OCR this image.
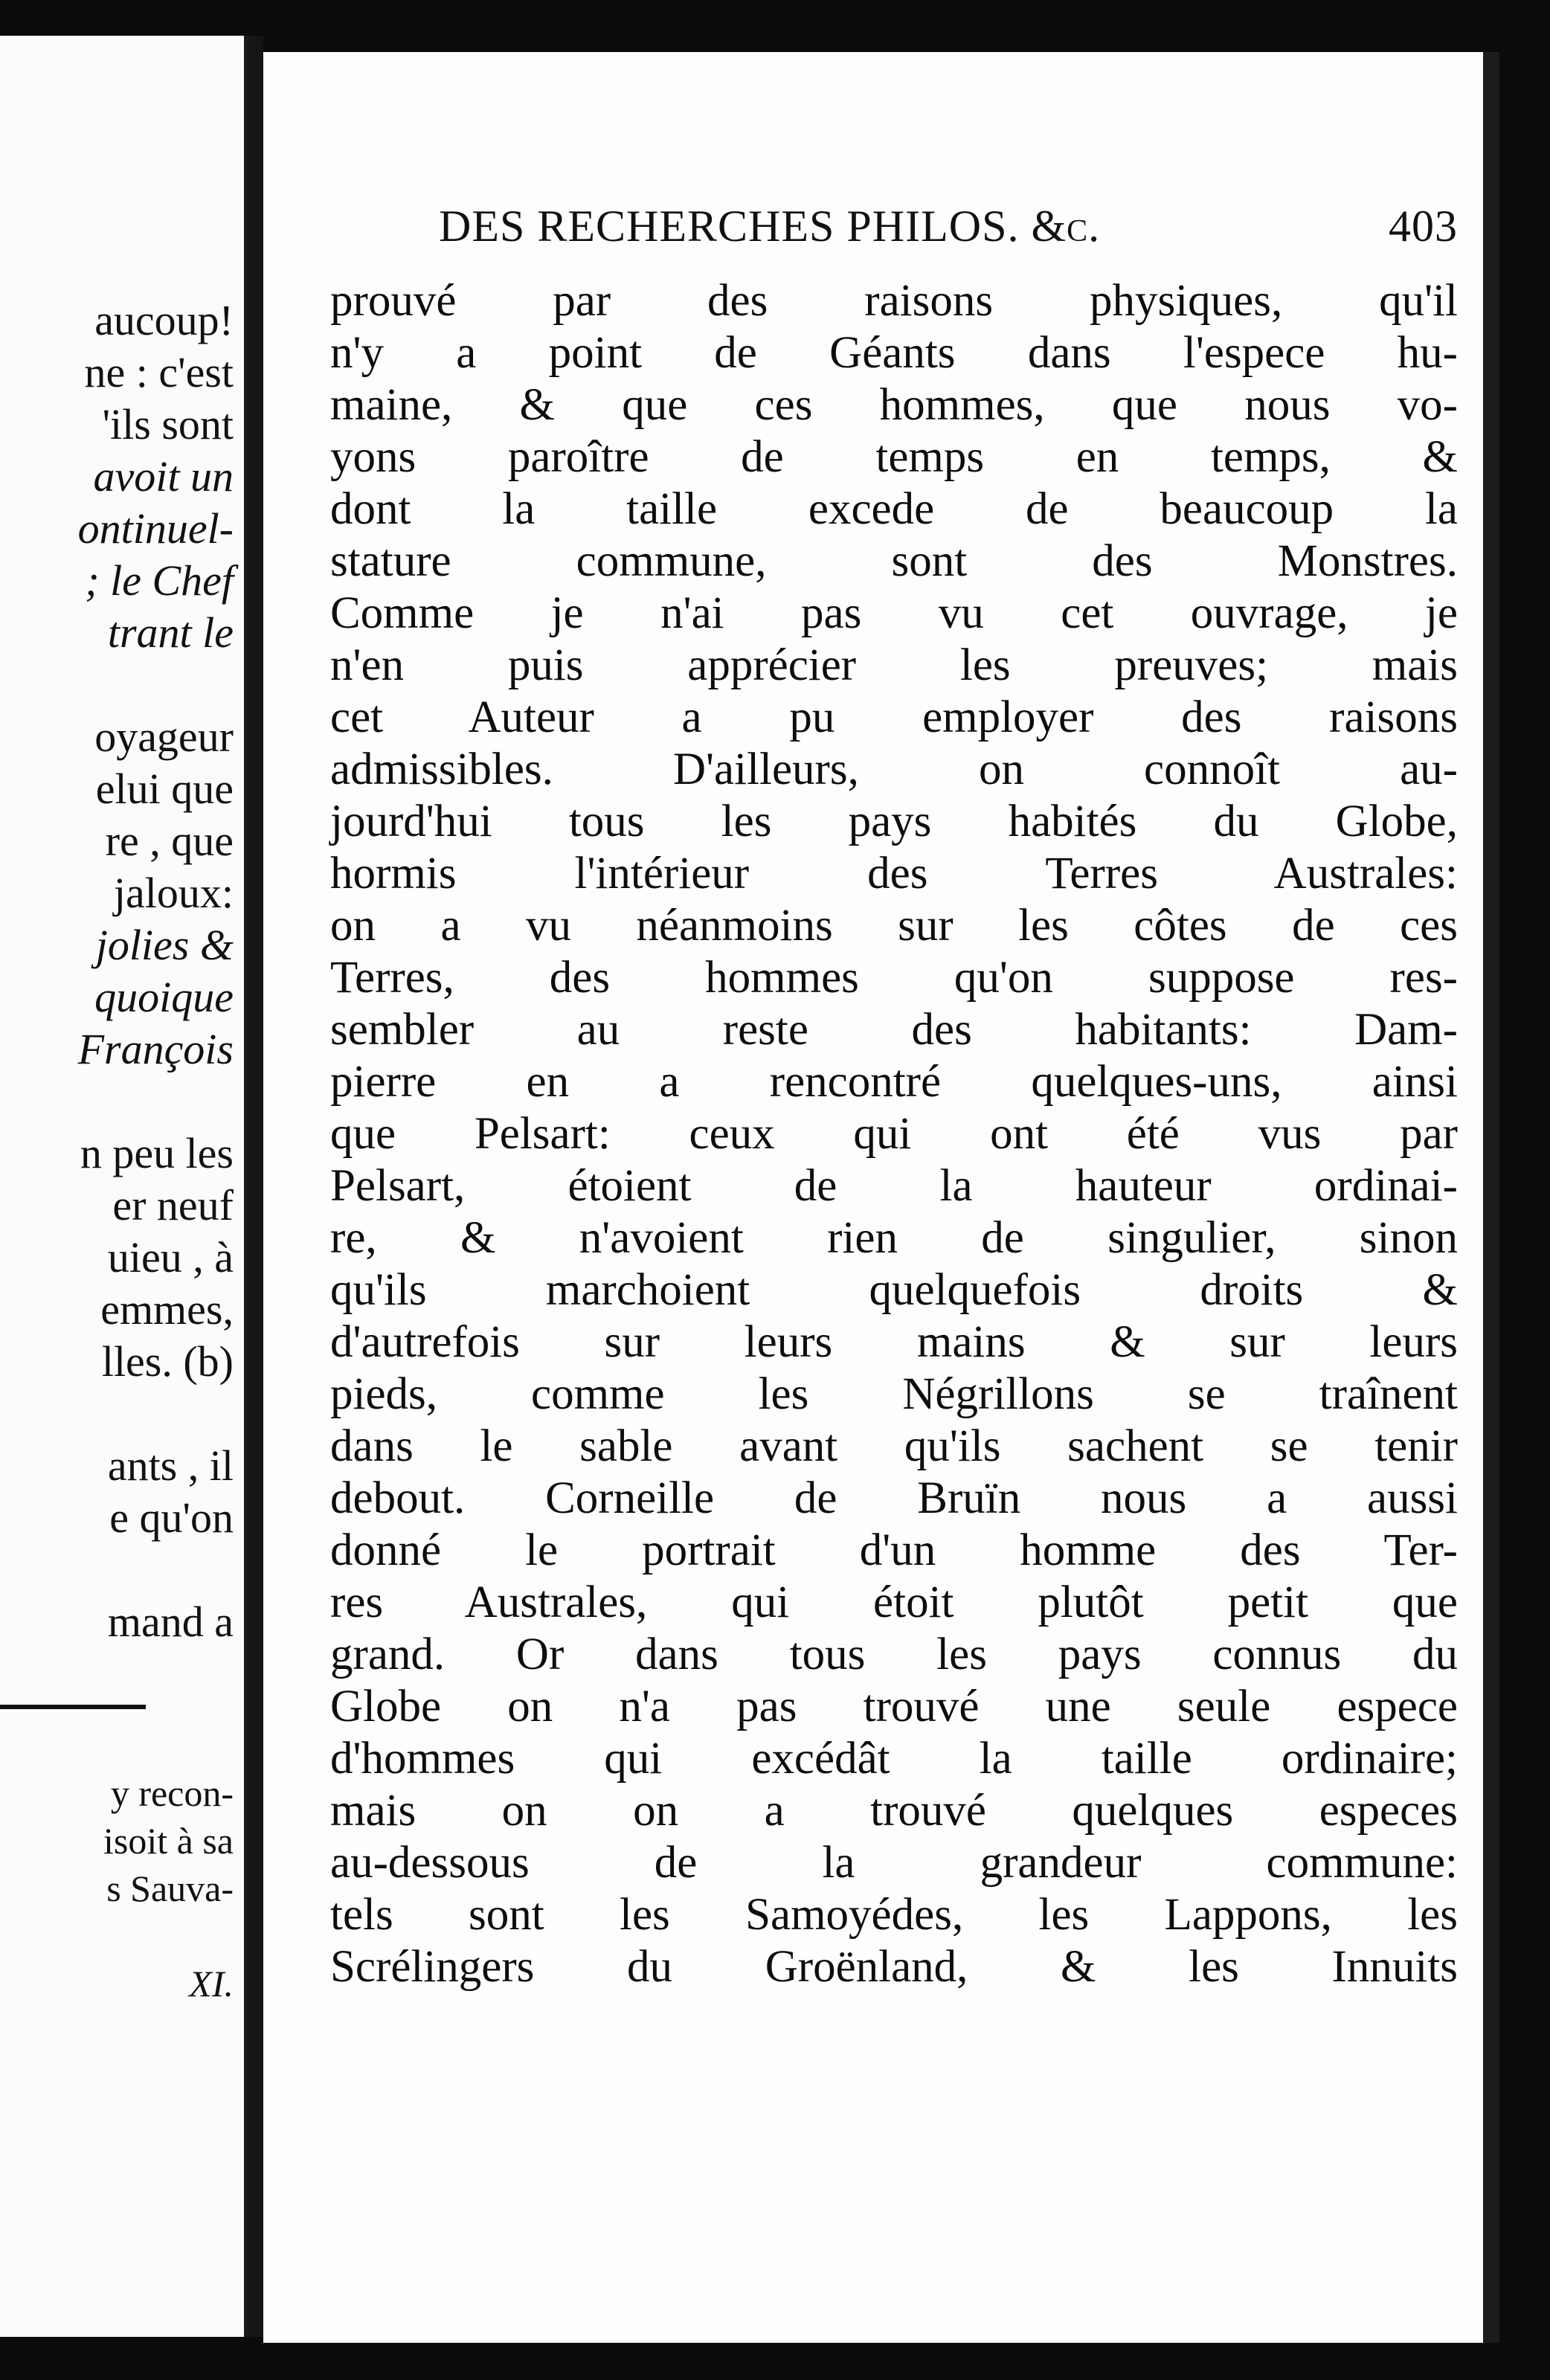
aucoup!
ne : c'est
'ils sont
avoit un
ontinuel-
; le Chef
trant le
oyageur
elui que
re , que
jaloux:
jolies &
quoique
François
n peu les
er neuf
uieu , à
emmes,
lles. (b)
ants , il
e qu'on
mand a
y recon-
isoit à sa
s Sauva-
XI.
DES RECHERCHES PHILOS. &c.	403
prouvé par des raisons physiques, qu'il
n'y a point de Géants dans l'espece hu-
maine, & que ces hommes, que nous vo-
yons paroître de temps en temps, &
dont la taille excede de beaucoup la
stature commune, sont des Monstres.
Comme je n'ai pas vu cet ouvrage, je
n'en puis apprécier les preuves; mais
cet Auteur a pu employer des raisons
admissibles. D'ailleurs, on connoît au-
jourd'hui tous les pays habités du Globe,
hormis l'intérieur des Terres Australes:
on a vu néanmoins sur les côtes de ces
Terres, des hommes qu'on suppose res-
sembler au reste des habitants: Dam-
pierre en a rencontré quelques-uns, ainsi
que Pelsart: ceux qui ont été vus par
Pelsart, étoient de la hauteur ordinai-
re, & n'avoient rien de singulier, sinon
qu'ils marchoient quelquefois droits &
d'autrefois sur leurs mains & sur leurs
pieds, comme les Négrillons se traînent
dans le sable avant qu'ils sachent se tenir
debout. Corneille de Bruïn nous a aussi
donné le portrait d'un homme des Ter-
res Australes, qui étoit plutôt petit que
grand. Or dans tous les pays connus du
Globe on n'a pas trouvé une seule espece
d'hommes qui excédât la taille ordinaire;
mais on on a trouvé quelques especes
au-dessous de la grandeur commune:
tels sont les Samoyédes, les Lappons, les
Scrélingers du Groënland, & les Innuits
